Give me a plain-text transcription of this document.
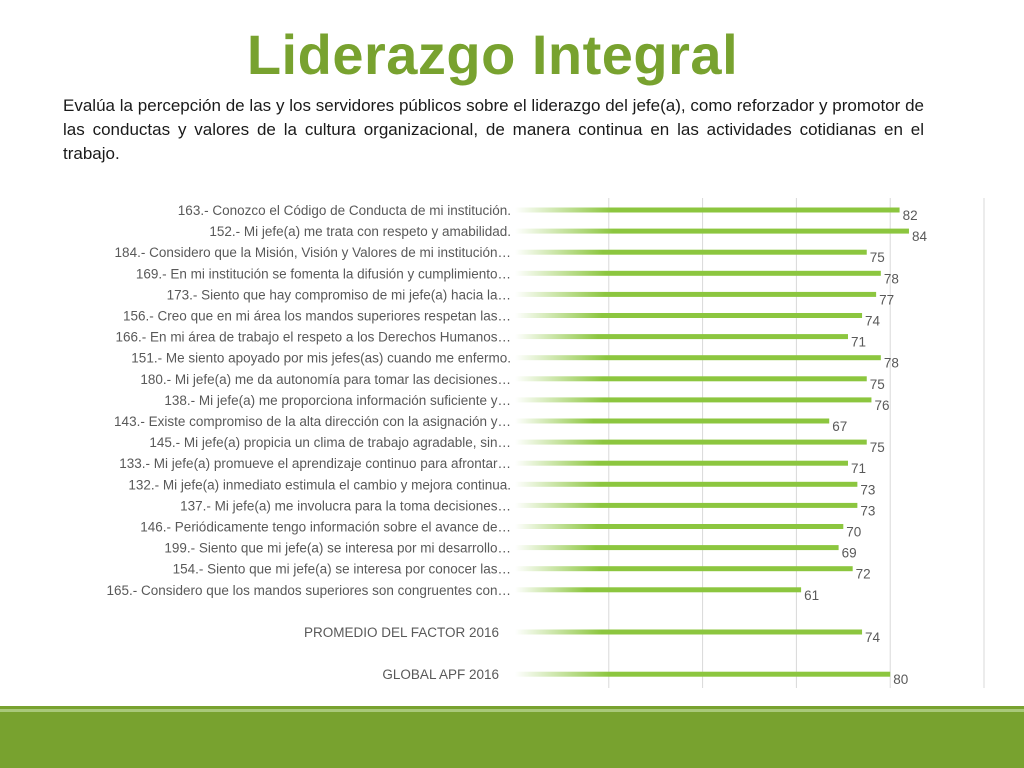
Liderazgo Integral
Evalúa la percepción de las y los servidores públicos sobre el liderazgo del jefe(a), como reforzador y promotor de las conductas y valores de la cultura organizacional, de manera continua en las actividades cotidianas en el trabajo.
163.- Conozco el Código de Conducta de mi institución.	82
152.- Mi jefe(a) me trata con respeto y amabilidad.	84
184.- Considero que la Misión, Visión y Valores de mi institución…	75
169.- En mi institución se fomenta la difusión y cumplimiento…	78
173.- Siento que hay compromiso de mi jefe(a) hacia la…	77
156.- Creo que en mi área los mandos superiores respetan las…	74
166.- En mi área de trabajo el respeto a los Derechos Humanos…	71
151.- Me siento apoyado por mis jefes(as) cuando me enfermo.	78
180.- Mi jefe(a) me da autonomía para tomar las decisiones…	75
138.- Mi jefe(a) me proporciona información suficiente y…	76
143.- Existe compromiso de la alta dirección con la asignación y…	67
145.- Mi jefe(a) propicia un clima de trabajo agradable, sin…	75
133.- Mi jefe(a) promueve el aprendizaje continuo para afrontar…	71
132.- Mi jefe(a) inmediato estimula el cambio y mejora continua.	73
137.- Mi jefe(a) me involucra para la toma decisiones…	73
146.- Periódicamente tengo información sobre el avance de…	70
199.- Siento que mi jefe(a) se interesa por mi desarrollo…	69
154.- Siento que mi jefe(a) se interesa por conocer las…	72
165.- Considero que los mandos superiores son congruentes con…	61
PROMEDIO DEL FACTOR 2016	74
GLOBAL APF 2016	80
